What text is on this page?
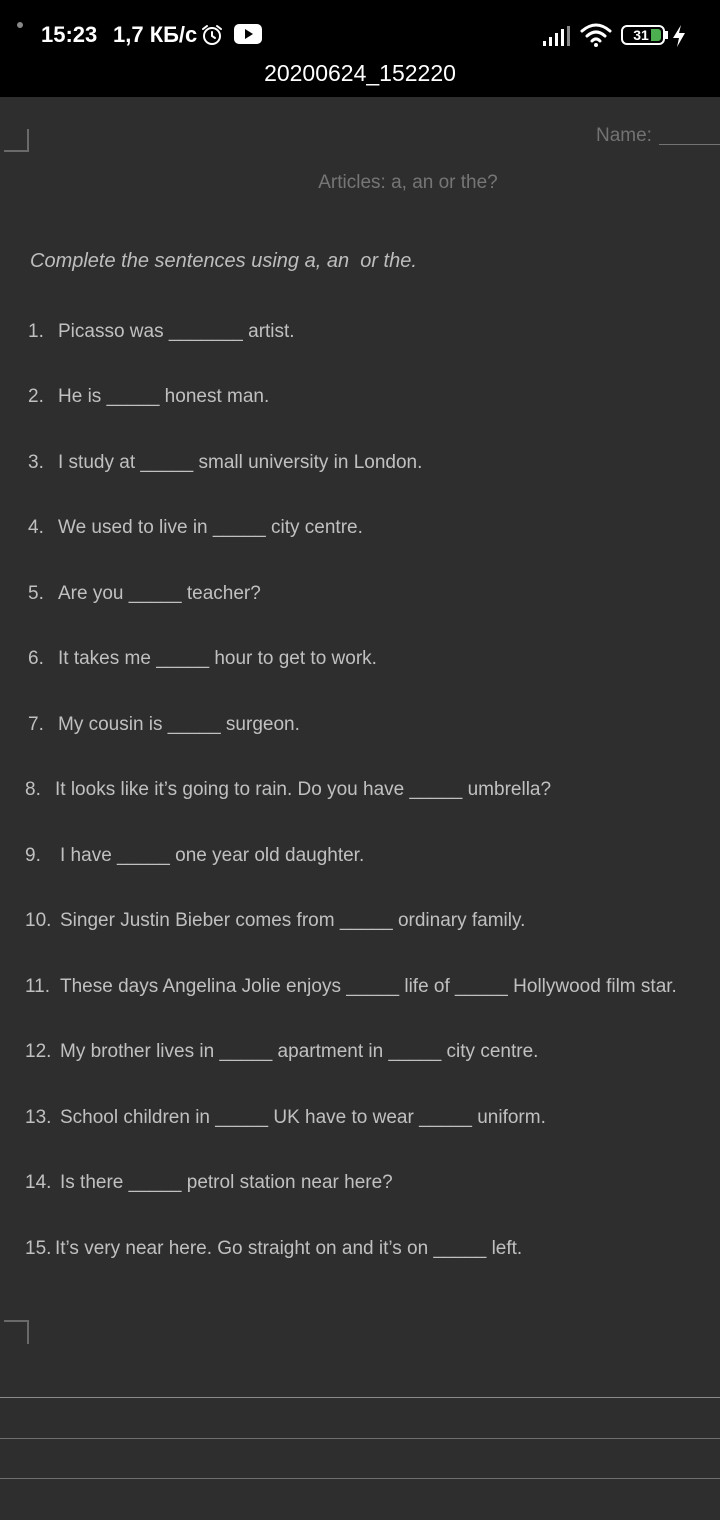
15:23 1,7 КБ/с	31
20200624_152220
Name:
Articles: a, an or the?
Complete the sentences using a, an  or the.
1. Picasso was _______ artist.
2. He is _____ honest man.
3. I study at _____ small university in London.
4. We used to live in _____ city centre.
5. Are you _____ teacher?
6. It takes me _____ hour to get to work.
7. My cousin is _____ surgeon.
8. It looks like it’s going to rain. Do you have _____ umbrella?
9. I have _____ one year old daughter.
10. Singer Justin Bieber comes from _____ ordinary family.
11. These days Angelina Jolie enjoys _____ life of _____ Hollywood film star.
12. My brother lives in _____ apartment in _____ city centre.
13. School children in _____ UK have to wear _____ uniform.
14. Is there _____ petrol station near here?
15. It’s very near here. Go straight on and it’s on _____ left.
